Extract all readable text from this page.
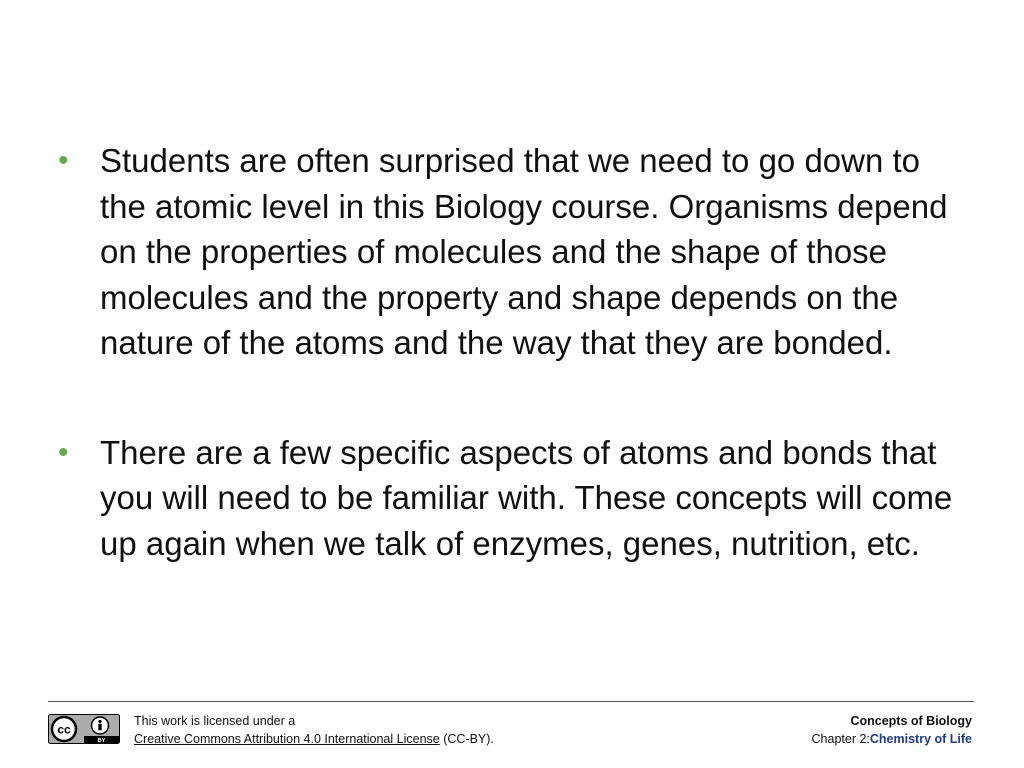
• Students are often surprised that we need to go down to the atomic level in this Biology course. Organisms depend on the properties of molecules and the shape of those molecules and the property and shape depends on the nature of the atoms and the way that they are bonded.
• There are a few specific aspects of atoms and bonds that you will need to be familiar with. These concepts will come up again when we talk of enzymes, genes, nutrition, etc.
cc
BY
This work is licensed under a
Creative Commons Attribution 4.0 International License (CC-BY).
Concepts of Biology
Chapter 2:Chemistry of Life
